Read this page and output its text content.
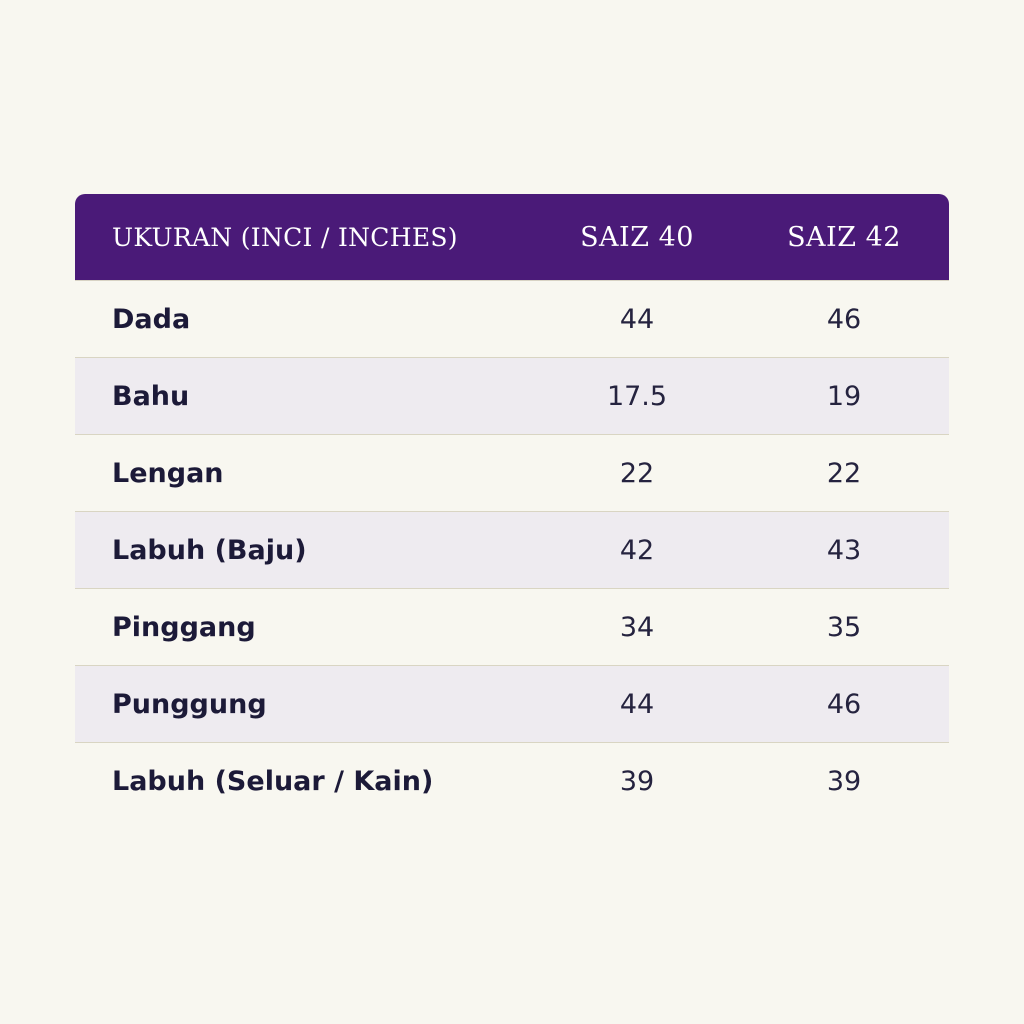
UKURAN (INCI / INCHES)	SAIZ 40	SAIZ 42
Dada	44	46
Bahu	17.5	19
Lengan	22	22
Labuh (Baju)	42	43
Pinggang	34	35
Punggung	44	46
Labuh (Seluar / Kain)	39	39
